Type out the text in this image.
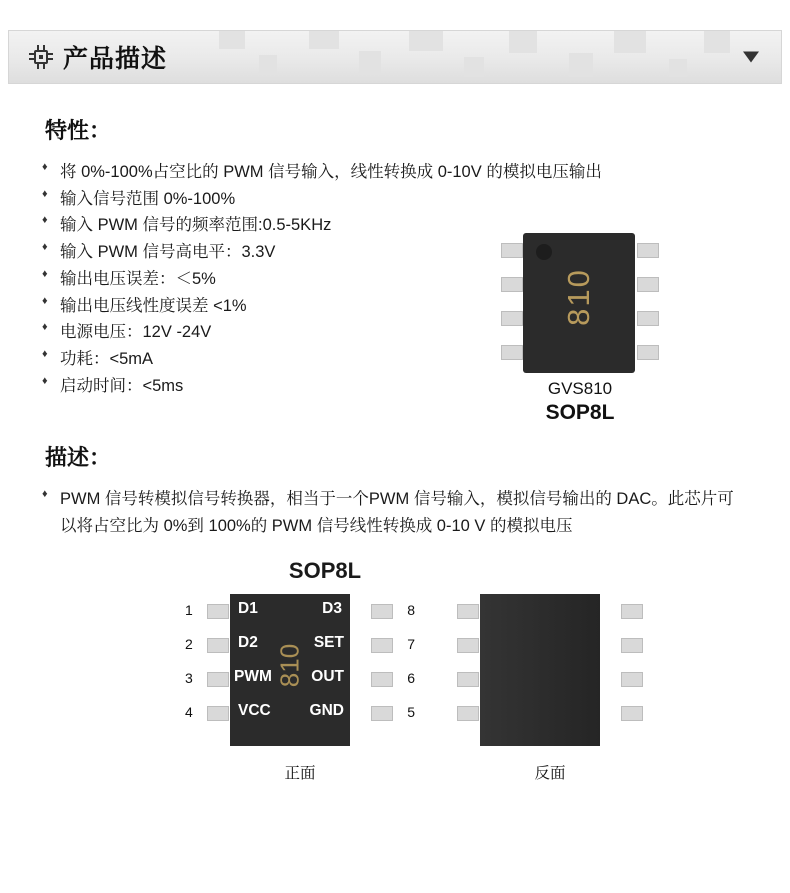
产品描述
特性：
♦ 将 0%-100%占空比的 PWM 信号输入，线性转换成 0-10V 的模拟电压输出
♦ 输入信号范围 0%-100%
♦ 输入 PWM 信号的频率范围:0.5-5KHz
♦ 输入 PWM 信号高电平：3.3V
♦ 输出电压误差：＜5%
♦ 输出电压线性度误差 <1%
♦ 电源电压：12V -24V
♦ 功耗：<5mA
♦ 启动时间：<5ms
810
GVS810
SOP8L
描述：
♦ PWM 信号转模拟信号转换器，相当于一个PWM 信号输入，模拟信号输出的 DAC。此芯片可以将占空比为 0%到 100%的 PWM 信号线性转换成 0-10 V 的模拟电压
SOP8L
1
2
3
4
8
7
6
5
810
D1
D2
PWM
VCC
D3
SET
OUT
GND
正面	反面
